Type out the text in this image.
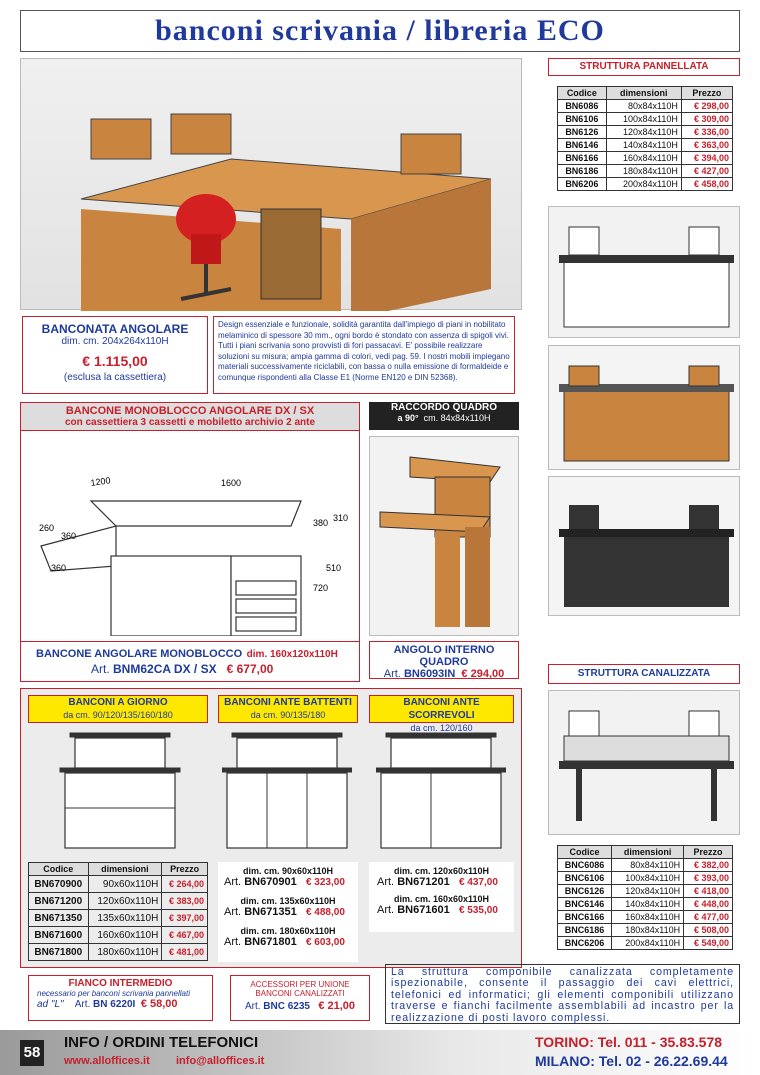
banconi scrivania / libreria ECO
STRUTTURA PANNELLATA
Codice	dimensioni	Prezzo
BN6086	80x84x110H	€ 298,00
BN6106	100x84x110H	€ 309,00
BN6126	120x84x110H	€ 336,00
BN6146	140x84x110H	€ 363,00
BN6166	160x84x110H	€ 394,00
BN6186	180x84x110H	€ 427,00
BN6206	200x84x110H	€ 458,00
BANCONATA ANGOLARE
dim. cm. 204x264x110H
€ 1.115,00
(esclusa la cassettiera)
Design essenziale e funzionale, solidità garantita dall'impiego di piani in nobilitato melaminico di spessore 30 mm., ogni bordo è stondato con assenza di spigoli vivi. Tutti i piani scrivania sono provvisti di fori passacavi. E' possibile realizzare soluzioni su misura; ampia gamma di colori, vedi pag. 59. I nostri mobili impiegano materiali successivamente riciclabili, con bassa o nulla emissione di formaldeide e comunque rispondenti alla Classe E1 (Norme EN120 e DIN 52368).
BANCONE MONOBLOCCO ANGOLARE DX / SX
con cassettiera 3 cassetti e mobiletto archivio 2 ante
1200	1600
260
360
380 310
510
720
360
BANCONE ANGOLARE MONOBLOCCO dim. 160x120x110H
Art. BNM62CA DX / SX € 677,00
RACCORDO QUADRO
a 90° cm. 84x84x110H
ANGOLO INTERNO QUADRO
Art. BN6093IN € 294,00	STRUTTURA CANALIZZATA
Codice	dimensioni	Prezzo
BNC6086	80x84x110H	€ 382,00
BNC6106	100x84x110H	€ 393,00
BNC6126	120x84x110H	€ 418,00
BNC6146	140x84x110H	€ 448,00
BNC6166	160x84x110H	€ 477,00
BNC6186	180x84x110H	€ 508,00
BNC6206	200x84x110H	€ 549,00
BANCONI A GIORNO
da cm. 90/120/135/160/180
Codice	dimensioni	Prezzo
BN670900	90x60x110H	€ 264,00
BN671200	120x60x110H	€ 383,00
BN671350	135x60x110H	€ 397,00
BN671600	160x60x110H	€ 467,00
BN671800	180x60x110H	€ 481,00
BANCONI ANTE BATTENTI
da cm. 90/135/180
dim. cm. 90x60x110H
Art. BN670901 € 323,00
dim. cm. 135x60x110H
Art. BN671351 € 488,00
dim. cm. 180x60x110H
Art. BN671801 € 603,00
BANCONI ANTE SCORREVOLI
da cm. 120/160
dim. cm. 120x60x110H
Art. BN671201 € 437,00
dim. cm. 160x60x110H
Art. BN671601 € 535,00
FIANCO INTERMEDIO
necessario per banconi scrivania pannellati
ad "L" Art. BN 6220I € 58,00
ACCESSORI PER UNIONE
BANCONI CANALIZZATI
Art. BNC 6235 € 21,00
La struttura componibile canalizzata completamente ispezionabile, consente il passaggio dei cavi elettrici, telefonici ed informatici; gli elementi componibili utilizzano traverse e fianchi facilmente assemblabili ad incastro per la realizzazione di posti lavoro complessi.
58
INFO / ORDINI TELEFONICI
www.alloffices.it info@alloffices.it
TORINO: Tel. 011 - 35.83.578
MILANO: Tel. 02 - 26.22.69.44
